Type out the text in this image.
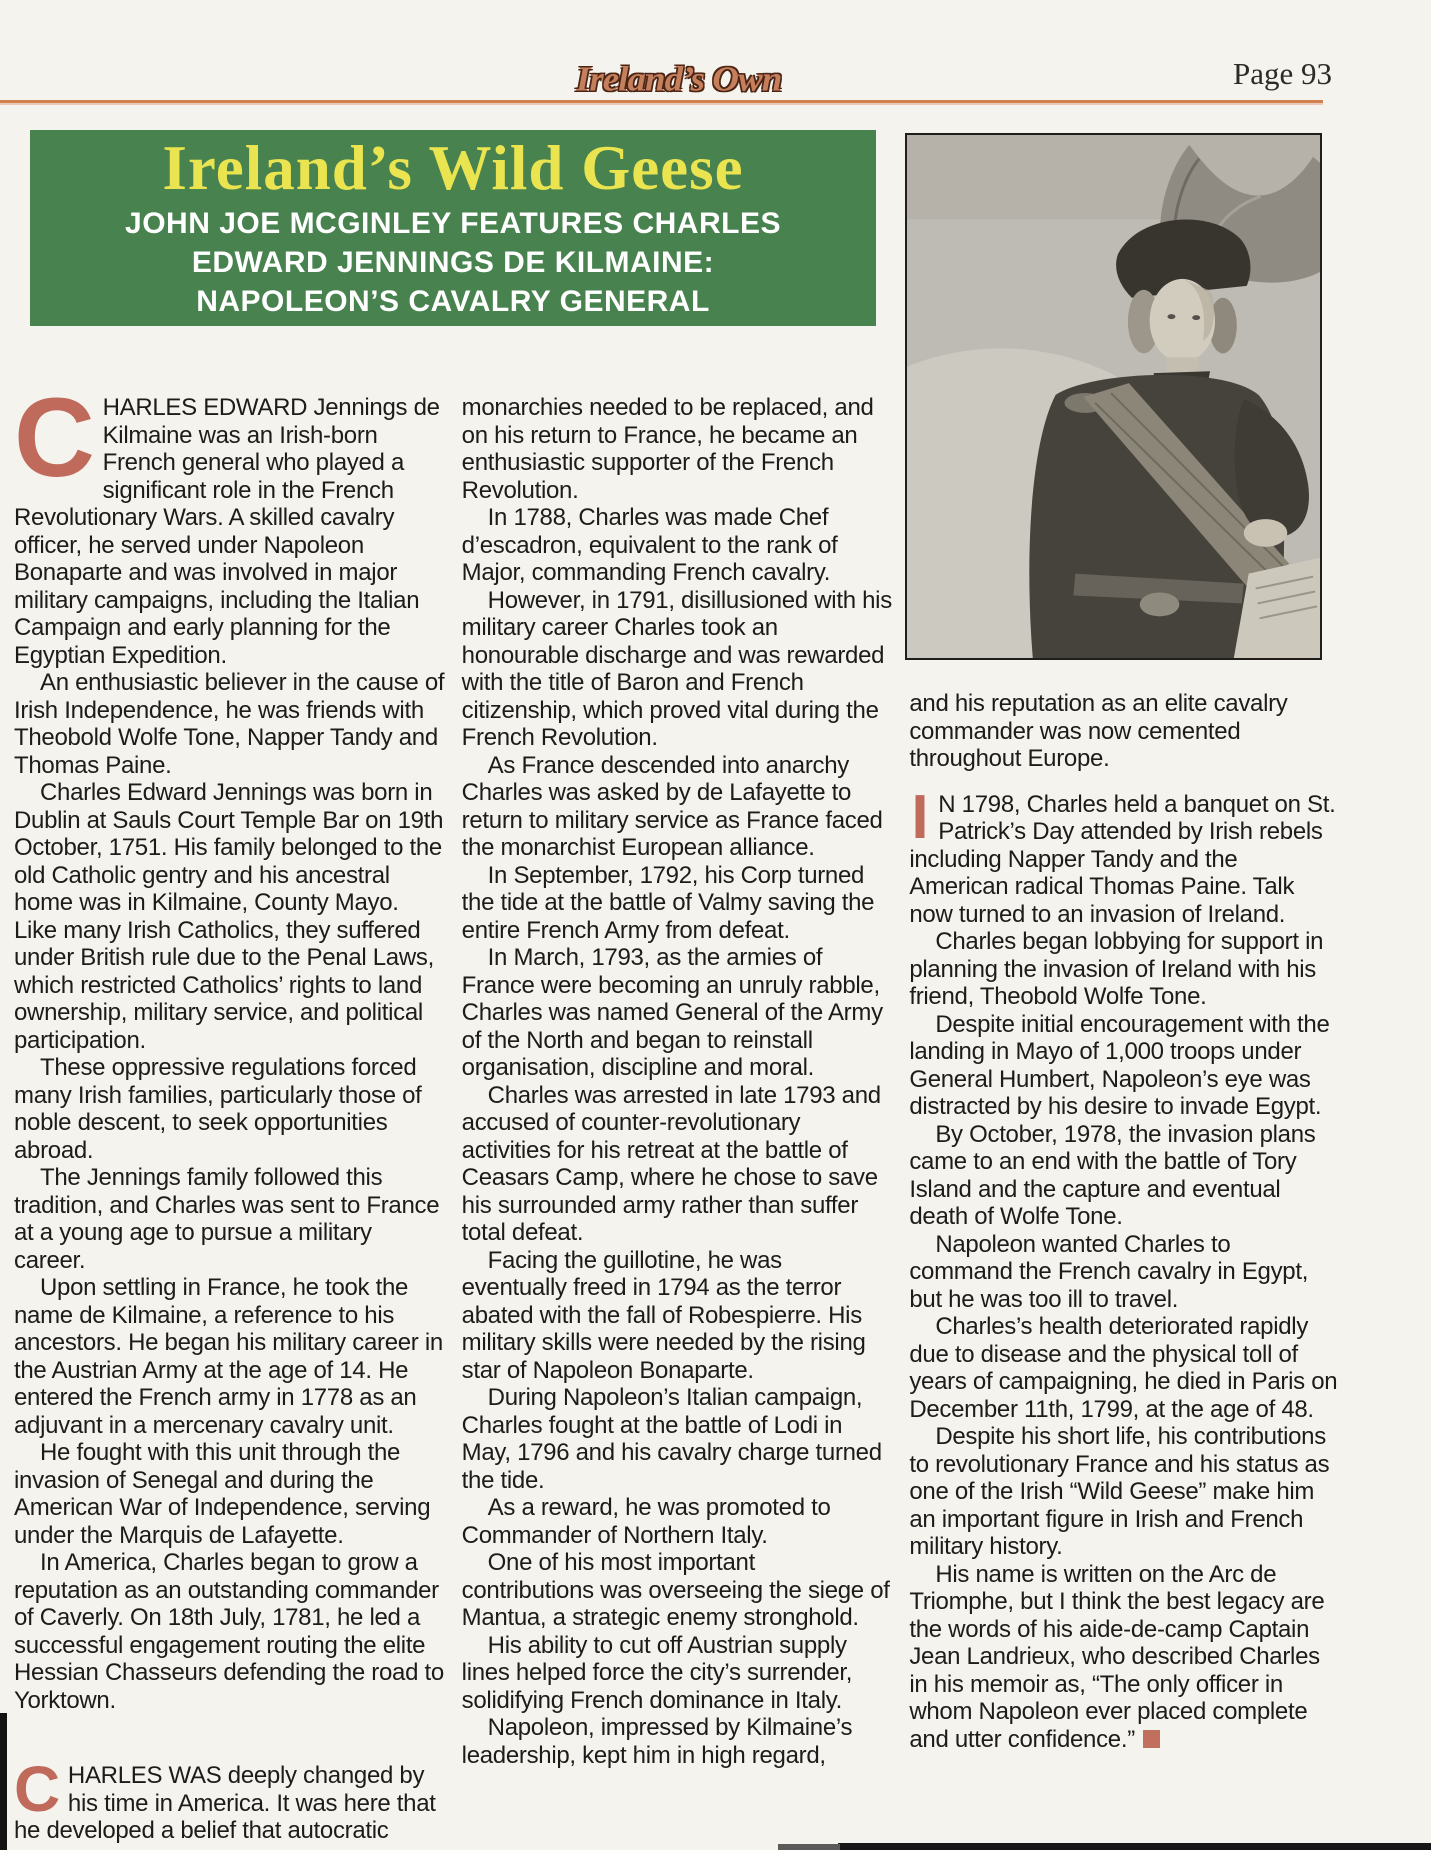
Ireland’s Own	Page 93
Ireland’s Wild Geese
JOHN JOE MCGINLEY FEATURES CHARLES
EDWARD JENNINGS DE KILMAINE:
NAPOLEON’S CAVALRY GENERAL
CHARLES EDWARD Jennings de Kilmaine was an Irish-born French general who played a significant role in the French Revolutionary Wars. A skilled cavalry officer, he served under Napoleon Bonaparte and was involved in major military campaigns, including the Italian Campaign and early planning for the Egyptian Expedition.
An enthusiastic believer in the cause of Irish Independence, he was friends with Theobold Wolfe Tone, Napper Tandy and Thomas Paine.
Charles Edward Jennings was born in Dublin at Sauls Court Temple Bar on 19th October, 1751. His family belonged to the old Catholic gentry and his ancestral home was in Kilmaine, County Mayo. Like many Irish Catholics, they suffered under British rule due to the Penal Laws, which restricted Catholics’ rights to land ownership, military service, and political participation.
These oppressive regulations forced many Irish families, particularly those of noble descent, to seek opportunities abroad.
The Jennings family followed this tradition, and Charles was sent to France at a young age to pursue a military career.
Upon settling in France, he took the name de Kilmaine, a reference to his ancestors. He began his military career in the Austrian Army at the age of 14. He entered the French army in 1778 as an adjuvant in a mercenary cavalry unit.
He fought with this unit through the invasion of Senegal and during the American War of Independence, serving under the Marquis de Lafayette.
In America, Charles began to grow a reputation as an outstanding commander of Caverly. On 18th July, 1781, he led a successful engagement routing the elite Hessian Chasseurs defending the road to Yorktown.
CHARLES WAS deeply changed by his time in America. It was here that he developed a belief that autocratic
monarchies needed to be replaced, and on his return to France, he became an enthusiastic supporter of the French Revolution.
In 1788, Charles was made Chef d’escadron, equivalent to the rank of Major, commanding French cavalry.
However, in 1791, disillusioned with his military career Charles took an honourable discharge and was rewarded with the title of Baron and French citizenship, which proved vital during the French Revolution.
As France descended into anarchy Charles was asked by de Lafayette to return to military service as France faced the monarchist European alliance.
In September, 1792, his Corp turned the tide at the battle of Valmy saving the entire French Army from defeat.
In March, 1793, as the armies of France were becoming an unruly rabble, Charles was named General of the Army of the North and began to reinstall organisation, discipline and moral.
Charles was arrested in late 1793 and accused of counter-revolutionary activities for his retreat at the battle of Ceasars Camp, where he chose to save his surrounded army rather than suffer total defeat.
Facing the guillotine, he was eventually freed in 1794 as the terror abated with the fall of Robespierre. His military skills were needed by the rising star of Napoleon Bonaparte.
During Napoleon’s Italian campaign, Charles fought at the battle of Lodi in May, 1796 and his cavalry charge turned the tide.
As a reward, he was promoted to Commander of Northern Italy.
One of his most important contributions was overseeing the siege of Mantua, a strategic enemy stronghold.
His ability to cut off Austrian supply lines helped force the city’s surrender, solidifying French dominance in Italy.
Napoleon, impressed by Kilmaine’s leadership, kept him in high regard,
and his reputation as an elite cavalry commander was now cemented throughout Europe.
I N 1798, Charles held a banquet on St. Patrick’s Day attended by Irish rebels including Napper Tandy and the American radical Thomas Paine. Talk now turned to an invasion of Ireland.
Charles began lobbying for support in planning the invasion of Ireland with his friend, Theobold Wolfe Tone.
Despite initial encouragement with the landing in Mayo of 1,000 troops under General Humbert, Napoleon’s eye was distracted by his desire to invade Egypt.
By October, 1978, the invasion plans came to an end with the battle of Tory Island and the capture and eventual death of Wolfe Tone.
Napoleon wanted Charles to command the French cavalry in Egypt, but he was too ill to travel.
Charles’s health deteriorated rapidly due to disease and the physical toll of years of campaigning, he died in Paris on December 11th, 1799, at the age of 48.
Despite his short life, his contributions to revolutionary France and his status as one of the Irish “Wild Geese” make him an important figure in Irish and French military history.
His name is written on the Arc de Triomphe, but I think the best legacy are the words of his aide-de-camp Captain Jean Landrieux, who described Charles in his memoir as, “The only officer in whom Napoleon ever placed complete and utter confidence.”
